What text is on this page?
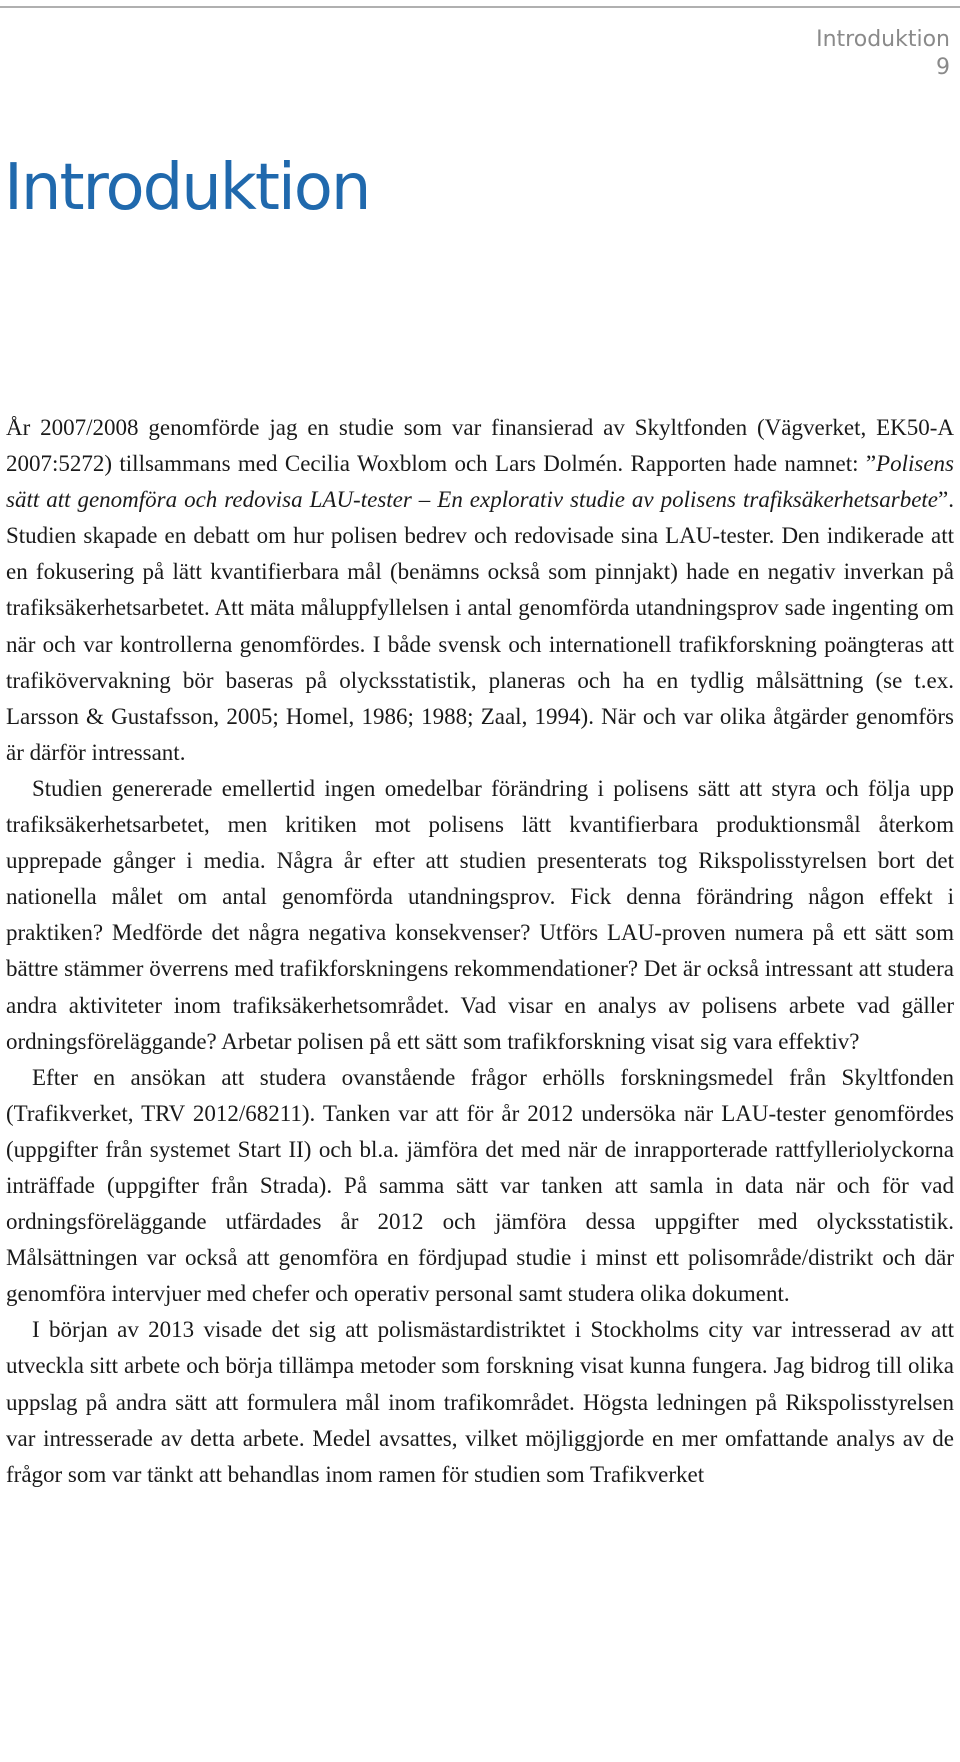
Introduktion
9
Introduktion

År 2007/2008 genomförde jag en studie som var finansierad av Skyltfonden (Vägverket, EK50-A 2007:5272) tillsammans med Cecilia Woxblom och Lars Dolmén. Rapporten hade namnet: ”Polisens sätt att genomföra och redovisa LAU-tester – En explorativ studie av polisens trafiksäkerhetsarbete”. Studien skapade en debatt om hur polisen bedrev och redovisade sina LAU-tester. Den indikerade att en fokusering på lätt kvantifierbara mål (benämns också som pinnjakt) hade en negativ inverkan på trafiksäkerhetsarbetet. Att mäta måluppfyllelsen i antal genomförda utandningsprov sade ingenting om när och var kontrollerna genomfördes. I både svensk och internationell trafikforskning poängteras att trafikövervakning bör baseras på olycksstatistik, planeras och ha en tydlig målsättning (se t.ex. Larsson & Gustafsson, 2005; Homel, 1986; 1988; Zaal, 1994). När och var olika åtgärder genomförs är därför intressant.

Studien genererade emellertid ingen omedelbar förändring i polisens sätt att styra och följa upp trafiksäkerhetsarbetet, men kritiken mot polisens lätt kvantifierbara produktionsmål återkom upprepade gånger i media. Några år efter att studien presenterats tog Rikspolisstyrelsen bort det nationella målet om antal genomförda utandningsprov. Fick denna förändring någon effekt i praktiken? Medförde det några negativa konsekvenser? Utförs LAU-proven numera på ett sätt som bättre stämmer överrens med trafikforskningens rekommendationer? Det är också intressant att studera andra aktiviteter inom trafiksäkerhetsområdet. Vad visar en analys av polisens arbete vad gäller ordningsföreläggande? Arbetar polisen på ett sätt som trafikforskning visat sig vara effektiv?

Efter en ansökan att studera ovanstående frågor erhölls forskningsmedel från Skyltfonden (Trafikverket, TRV 2012/68211). Tanken var att för år 2012 undersöka när LAU-tester genomfördes (uppgifter från systemet Start II) och bl.a. jämföra det med när de inrapporterade rattfylleriolyckorna inträffade (uppgifter från Strada). På samma sätt var tanken att samla in data när och för vad ordningsföreläggande utfärdades år 2012 och jämföra dessa uppgifter med olycksstatistik. Målsättningen var också att genomföra en fördjupad studie i minst ett polisområde/distrikt och där genomföra intervjuer med chefer och operativ personal samt studera olika dokument.

I början av 2013 visade det sig att polismästardistriktet i Stockholms city var intresserad av att utveckla sitt arbete och börja tillämpa metoder som forskning visat kunna fungera. Jag bidrog till olika uppslag på andra sätt att formulera mål inom trafikområdet. Högsta ledningen på Rikspolisstyrelsen var intresserade av detta arbete. Medel avsattes, vilket möjliggjorde en mer omfattande analys av de frågor som var tänkt att behandlas inom ramen för studien som Trafikverket
